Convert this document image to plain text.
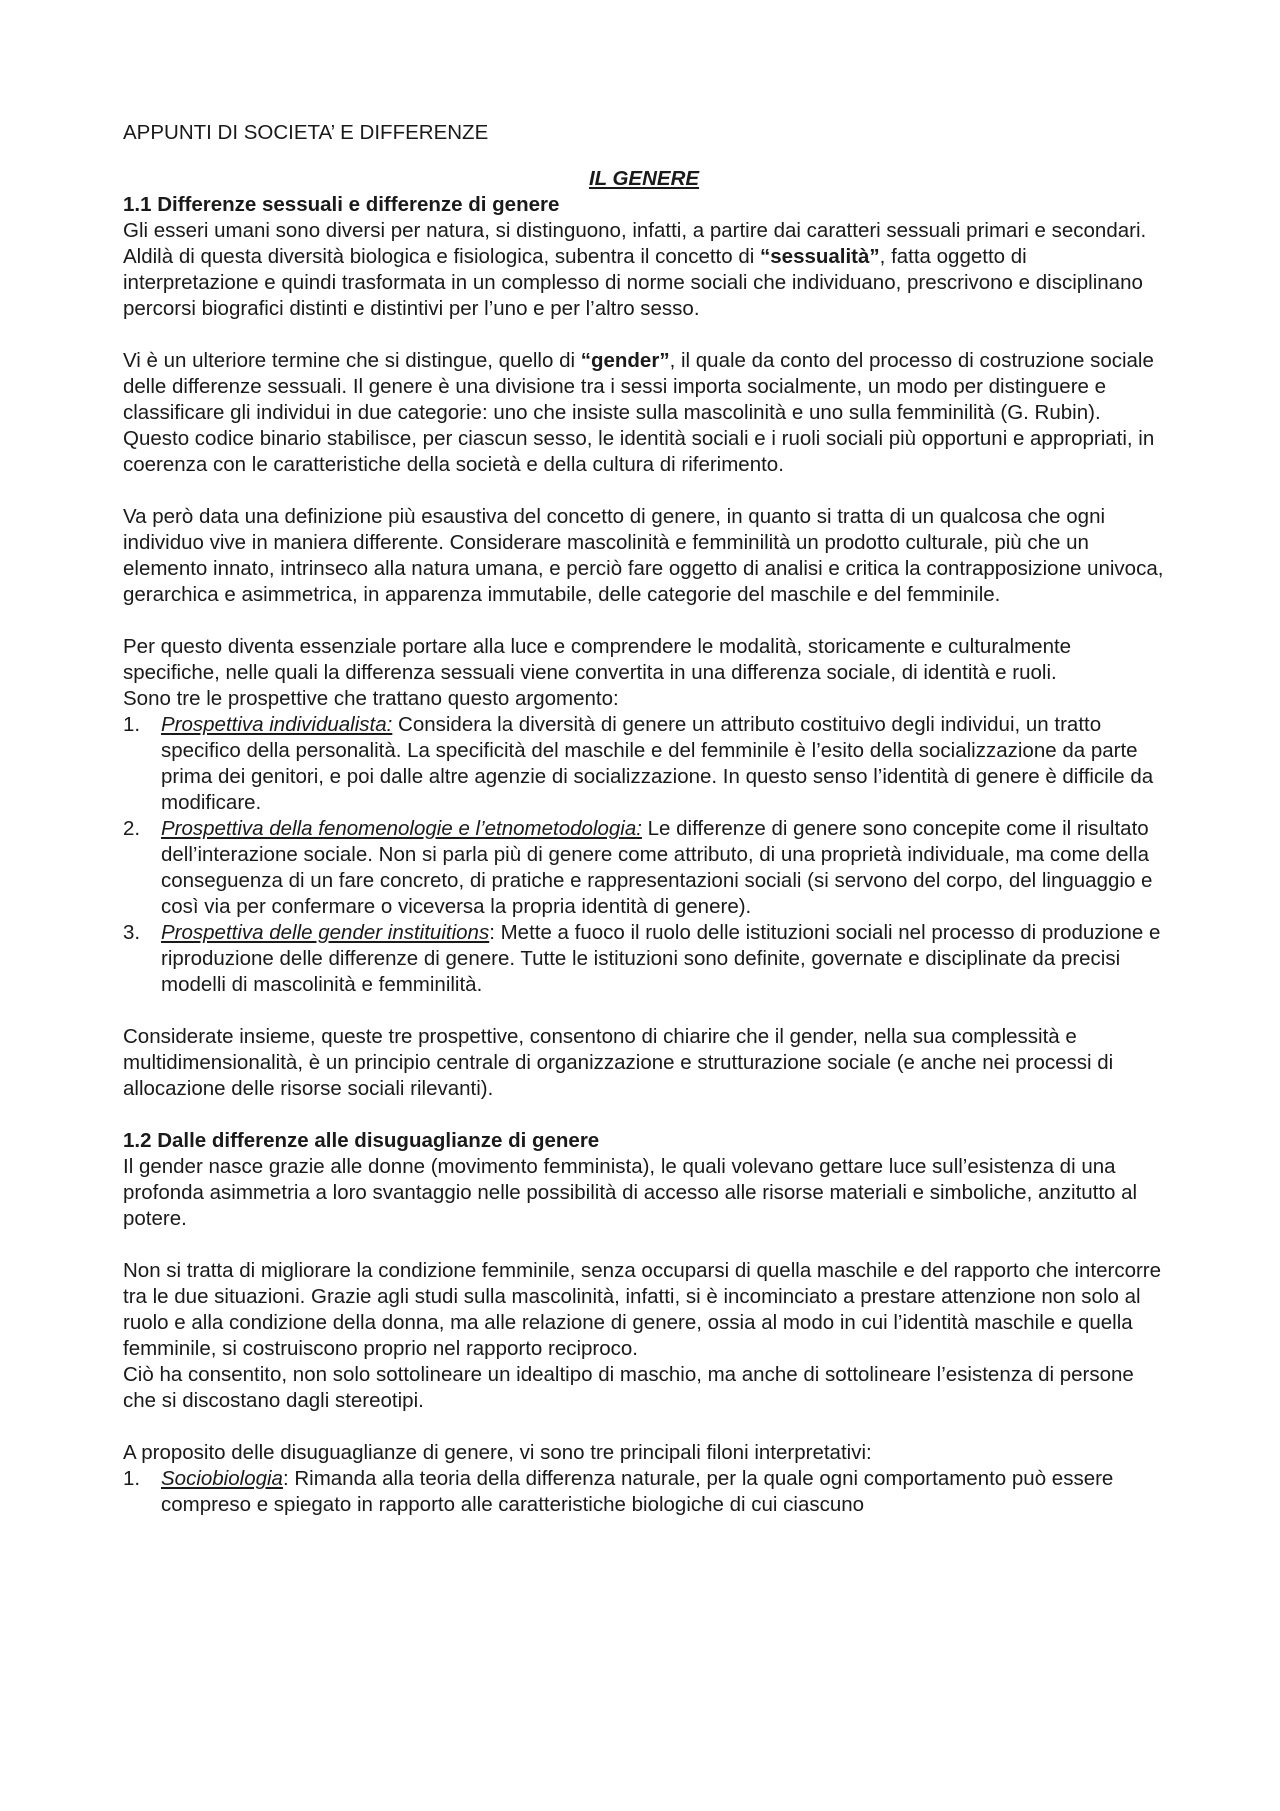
APPUNTI DI SOCIETA’ E DIFFERENZE

IL GENERE
1.1 Differenze sessuali e differenze di genere

Gli esseri umani sono diversi per natura, si distinguono, infatti, a partire dai caratteri sessuali primari e secondari. Aldilà di questa diversità biologica e fisiologica, subentra il concetto di “sessualità”, fatta oggetto di interpretazione e quindi trasformata in un complesso di norme sociali che individuano, prescrivono e disciplinano percorsi biografici distinti e distintivi per l’uno e per l’altro sesso.

Vi è un ulteriore termine che si distingue, quello di “gender”, il quale da conto del processo di costruzione sociale delle differenze sessuali. Il genere è una divisione tra i sessi importa socialmente, un modo per distinguere e classificare gli individui in due categorie: uno che insiste sulla mascolinità e uno sulla femminilità (G. Rubin).

Questo codice binario stabilisce, per ciascun sesso, le identità sociali e i ruoli sociali più opportuni e appropriati, in coerenza con le caratteristiche della società e della cultura di riferimento.

Va però data una definizione più esaustiva del concetto di genere, in quanto si tratta di un qualcosa che ogni individuo vive in maniera differente. Considerare mascolinità e femminilità un prodotto culturale, più che un elemento innato, intrinseco alla natura umana, e perciò fare oggetto di analisi e critica la contrapposizione univoca, gerarchica e asimmetrica, in apparenza immutabile, delle categorie del maschile e del femminile.

Per questo diventa essenziale portare alla luce e comprendere le modalità, storicamente e culturalmente specifiche, nelle quali la differenza sessuali viene convertita in una differenza sociale, di identità e ruoli.

Sono tre le prospettive che trattano questo argomento:

1. Prospettiva individualista: Considera la diversità di genere un attributo costituivo degli individui, un tratto specifico della personalità. La specificità del maschile e del femminile è l’esito della socializzazione da parte prima dei genitori, e poi dalle altre agenzie di socializzazione. In questo senso l’identità di genere è difficile da modificare.
2. Prospettiva della fenomenologie e l’etnometodologia: Le differenze di genere sono concepite come il risultato dell’interazione sociale. Non si parla più di genere come attributo, di una proprietà individuale, ma come della conseguenza di un fare concreto, di pratiche e rappresentazioni sociali (si servono del corpo, del linguaggio e così via per confermare o viceversa la propria identità di genere).
3. Prospettiva delle gender instituitions: Mette a fuoco il ruolo delle istituzioni sociali nel processo di produzione e riproduzione delle differenze di genere. Tutte le istituzioni sono definite, governate e disciplinate da precisi modelli di mascolinità e femminilità.

Considerate insieme, queste tre prospettive, consentono di chiarire che il gender, nella sua complessità e multidimensionalità, è un principio centrale di organizzazione e strutturazione sociale (e anche nei processi di allocazione delle risorse sociali rilevanti).

1.2 Dalle differenze alle disuguaglianze di genere

Il gender nasce grazie alle donne (movimento femminista), le quali volevano gettare luce sull’esistenza di una profonda asimmetria a loro svantaggio nelle possibilità di accesso alle risorse materiali e simboliche, anzitutto al potere.

Non si tratta di migliorare la condizione femminile, senza occuparsi di quella maschile e del rapporto che intercorre tra le due situazioni. Grazie agli studi sulla mascolinità, infatti, si è incominciato a prestare attenzione non solo al ruolo e alla condizione della donna, ma alle relazione di genere, ossia al modo in cui l’identità maschile e quella femminile, si costruiscono proprio nel rapporto reciproco.

Ciò ha consentito, non solo sottolineare un idealtipo di maschio, ma anche di sottolineare l’esistenza di persone che si discostano dagli stereotipi.

A proposito delle disuguaglianze di genere, vi sono tre principali filoni interpretativi:

1. Sociobiologia: Rimanda alla teoria della differenza naturale, per la quale ogni comportamento può essere compreso e spiegato in rapporto alle caratteristiche biologiche di cui ciascuno
